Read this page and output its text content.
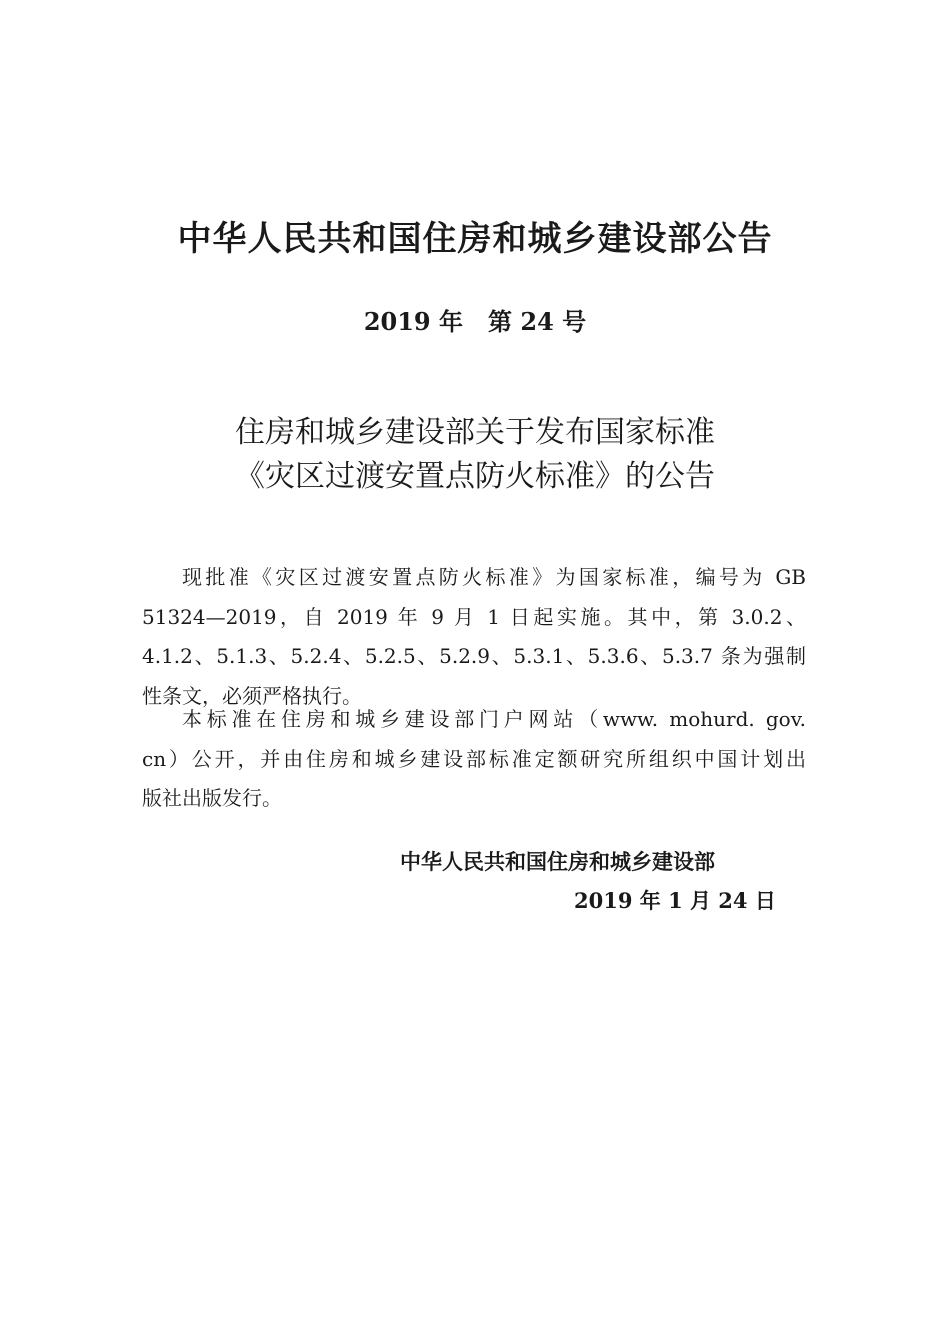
中华人民共和国住房和城乡建设部公告
2019 年   第 24 号
住房和城乡建设部关于发布国家标准
《灾区过渡安置点防火标准》的公告
现批准《灾区过渡安置点防火标准》为国家标准，编号为 GB
51324—2019，自 2019 年 9 月 1 日起实施。其中，第 3.0.2、
4.1.2、5.1.3、5.2.4、5.2.5、5.2.9、5.3.1、5.3.6、5.3.7 条为强制
性条文，必须严格执行。
本标准在住房和城乡建设部门户网站（www. mohurd. gov.
cn）公开，并由住房和城乡建设部标准定额研究所组织中国计划出
版社出版发行。
中华人民共和国住房和城乡建设部
2019 年 1 月 24 日
